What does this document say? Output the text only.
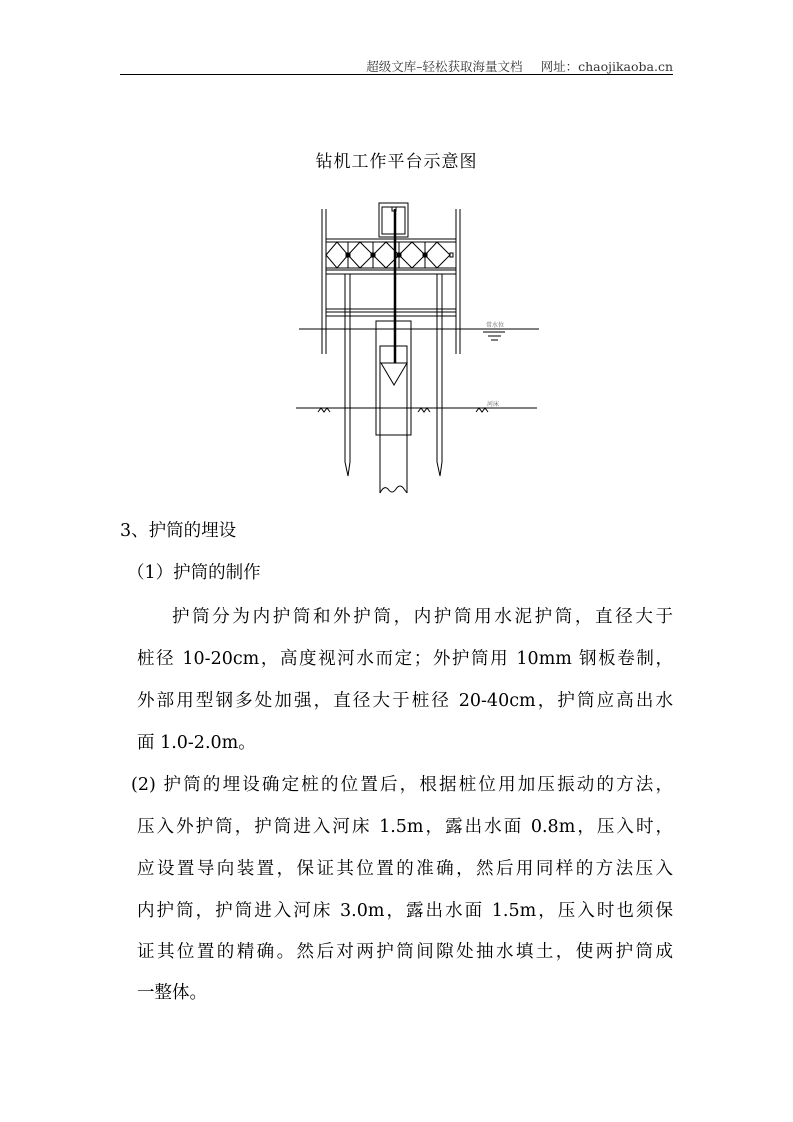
超级文库–轻松获取海量文档 网址：chaojikaoba.cn
钻机工作平台示意图
常水位
河床
3、护筒的埋设
（1）护筒的制作
护筒分为内护筒和外护筒，内护筒用水泥护筒，直径大于
桩径 10-20cm，高度视河水而定；外护筒用 10mm 钢板卷制，
外部用型钢多处加强，直径大于桩径 20-40cm，护筒应高出水
面 1.0-2.0m。
(2) 护筒的埋设确定桩的位置后，根据桩位用加压振动的方法，
压入外护筒，护筒进入河床 1.5m，露出水面 0.8m，压入时，
应设置导向装置，保证其位置的准确，然后用同样的方法压入
内护筒，护筒进入河床 3.0m，露出水面 1.5m，压入时也须保
证其位置的精确。然后对两护筒间隙处抽水填土，使两护筒成
一整体。
